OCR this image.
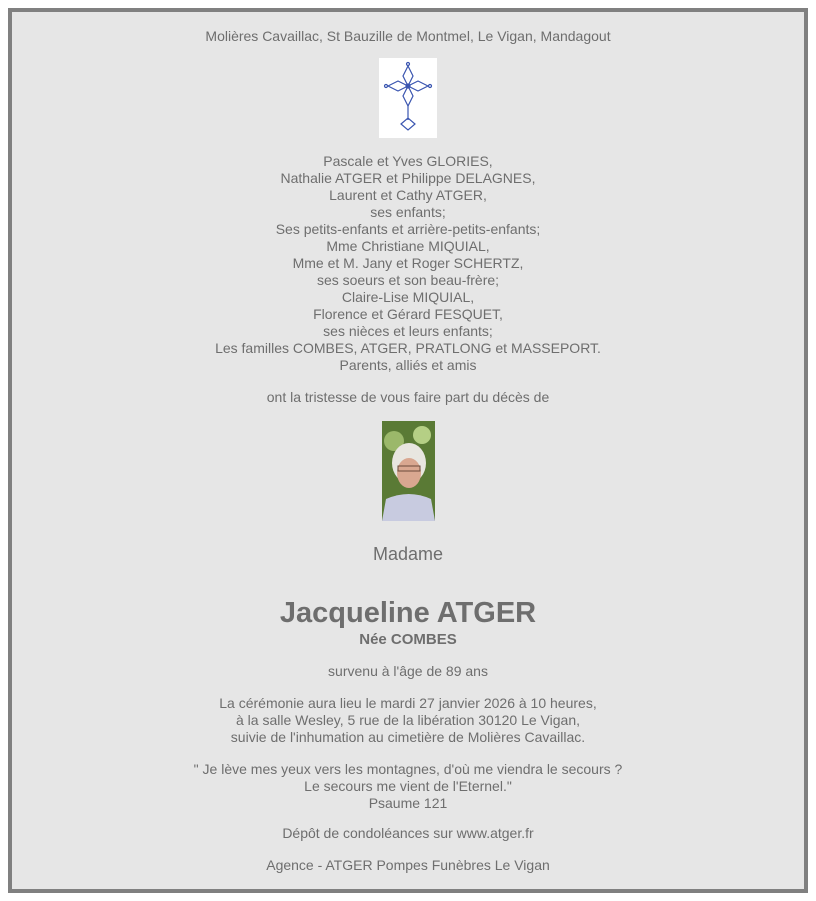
Molières Cavaillac, St Bauzille de Montmel, Le Vigan, Mandagout
Pascale et Yves GLORIES,
Nathalie ATGER et Philippe DELAGNES,
Laurent et Cathy ATGER,
ses enfants;
Ses petits-enfants et arrière-petits-enfants;
Mme Christiane MIQUIAL,
Mme et M. Jany et Roger SCHERTZ,
ses soeurs et son beau-frère;
Claire-Lise MIQUIAL,
Florence et Gérard FESQUET,
ses nièces et leurs enfants;
Les familles COMBES, ATGER, PRATLONG et MASSEPORT.
Parents, alliés et amis
ont la tristesse de vous faire part du décès de
Madame
Jacqueline ATGER
Née COMBES
survenu à l'âge de 89 ans
La cérémonie aura lieu le mardi 27 janvier 2026 à 10 heures,
à la salle Wesley, 5 rue de la libération 30120 Le Vigan,
suivie de l'inhumation au cimetière de Molières Cavaillac.
" Je lève mes yeux vers les montagnes, d'où me viendra le secours ?
Le secours me vient de l'Eternel."
Psaume 121
Dépôt de condoléances sur www.atger.fr
Agence - ATGER Pompes Funèbres Le Vigan
